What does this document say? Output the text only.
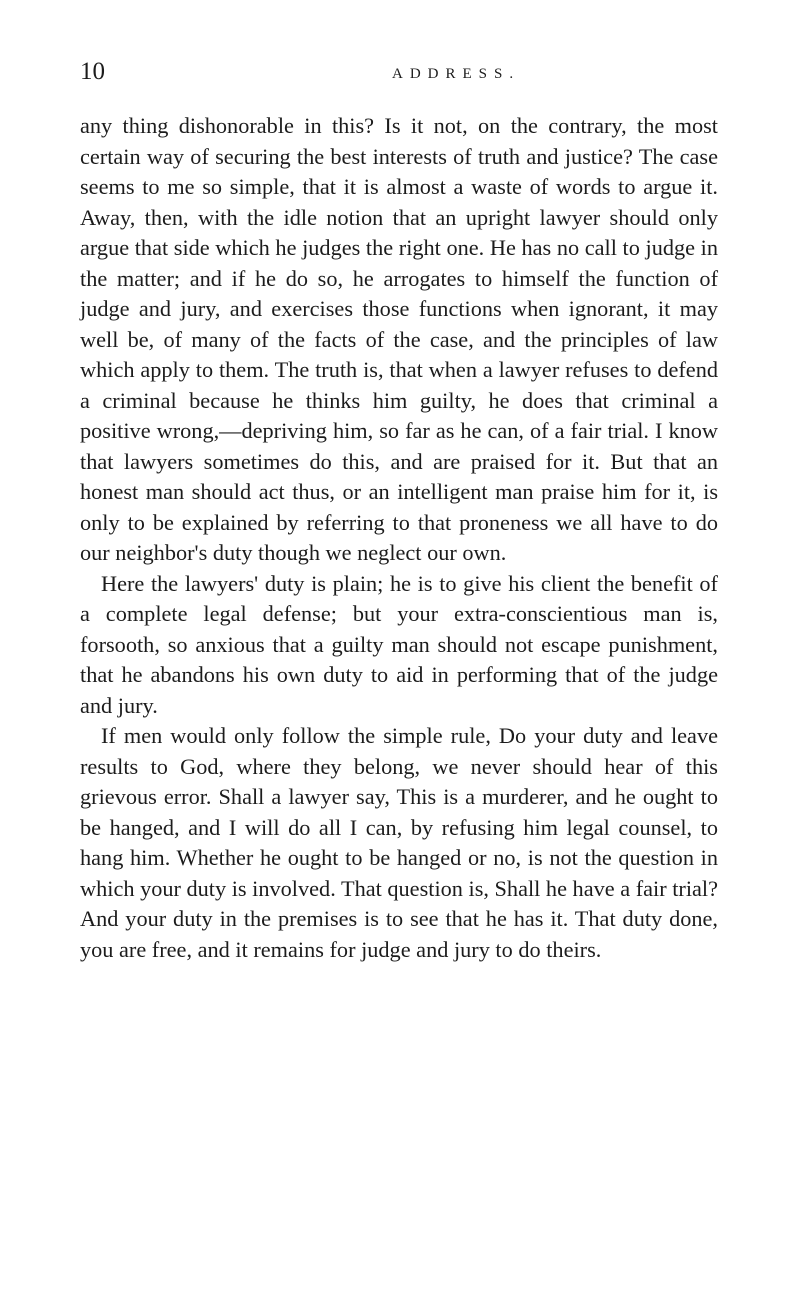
10	ADDRESS.

any thing dishonorable in this? Is it not, on the contrary, the most certain way of securing the best interests of truth and justice? The case seems to me so simple, that it is almost a waste of words to argue it. Away, then, with the idle notion that an upright lawyer should only argue that side which he judges the right one. He has no call to judge in the matter; and if he do so, he arrogates to himself the function of judge and jury, and exercises those functions when ignorant, it may well be, of many of the facts of the case, and the principles of law which apply to them. The truth is, that when a lawyer refuses to defend a criminal because he thinks him guilty, he does that criminal a positive wrong,—depriving him, so far as he can, of a fair trial. I know that lawyers sometimes do this, and are praised for it. But that an honest man should act thus, or an intelligent man praise him for it, is only to be explained by referring to that proneness we all have to do our neighbor's duty though we neglect our own.

Here the lawyers' duty is plain; he is to give his client the benefit of a complete legal defense; but your extra-conscientious man is, forsooth, so anxious that a guilty man should not escape punishment, that he abandons his own duty to aid in performing that of the judge and jury.

If men would only follow the simple rule, Do your duty and leave results to God, where they belong, we never should hear of this grievous error. Shall a lawyer say, This is a murderer, and he ought to be hanged, and I will do all I can, by refusing him legal counsel, to hang him. Whether he ought to be hanged or no, is not the question in which your duty is involved. That question is, Shall he have a fair trial? And your duty in the premises is to see that he has it. That duty done, you are free, and it remains for judge and jury to do theirs.
